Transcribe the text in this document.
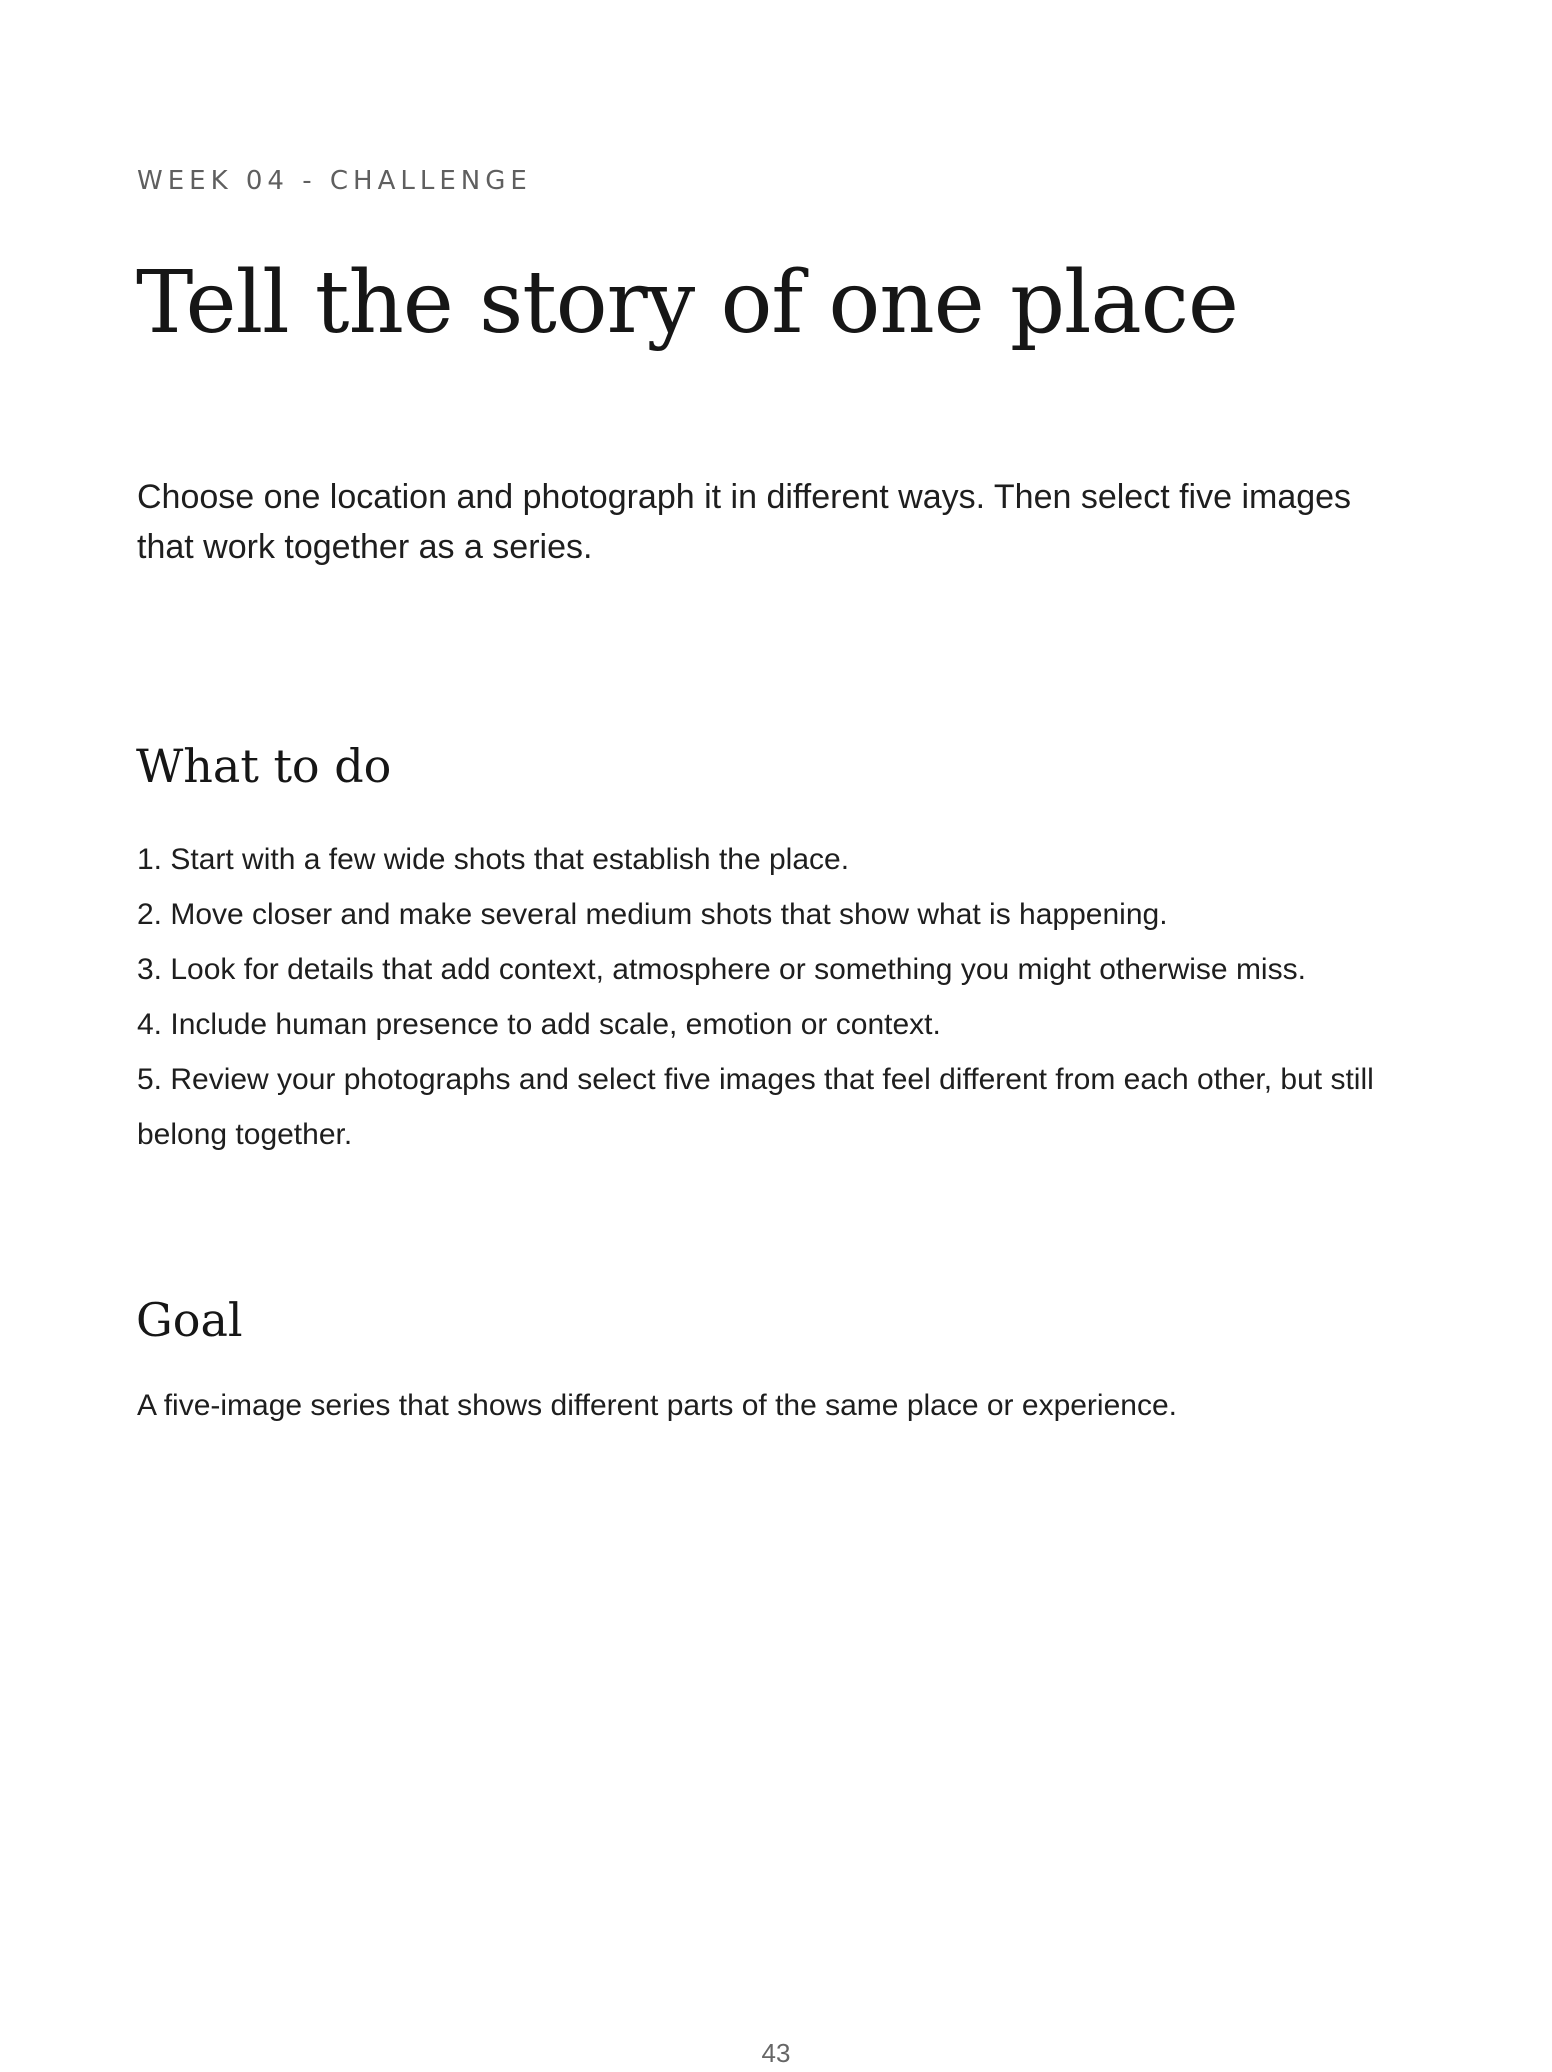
WEEK 04 - CHALLENGE

Tell the story of one place

Choose one location and photograph it in different ways. Then select five images that work together as a series.

What to do
1. Start with a few wide shots that establish the place.
2. Move closer and make several medium shots that show what is happening.
3. Look for details that add context, atmosphere or something you might otherwise miss.
4. Include human presence to add scale, emotion or context.
5. Review your photographs and select five images that feel different from each other, but still belong together.
Goal

A five-image series that shows different parts of the same place or experience.

43
